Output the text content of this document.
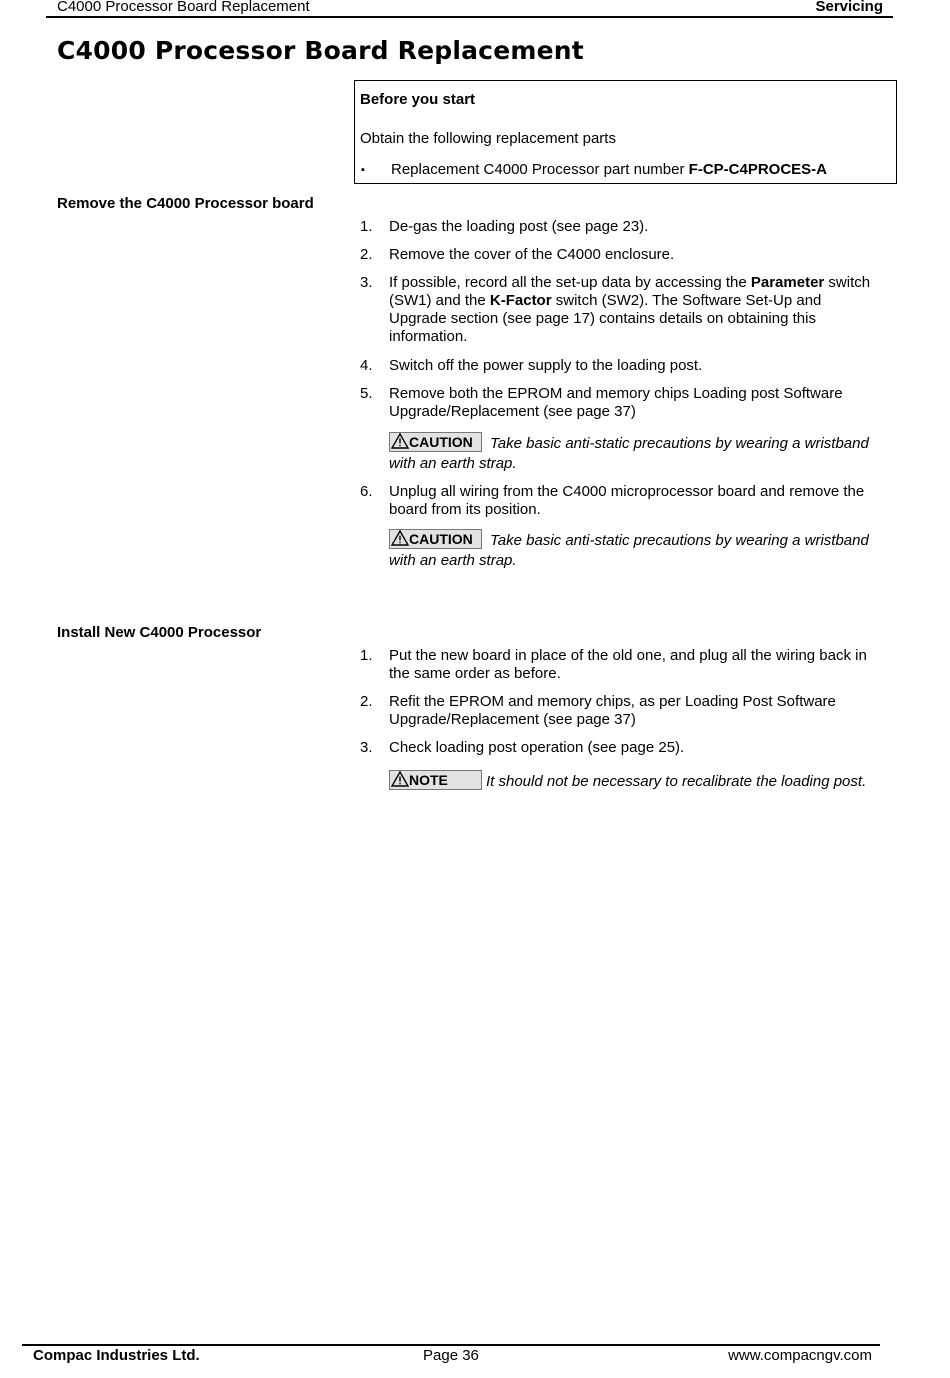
C4000 Processor Board Replacement	Servicing
C4000 Processor Board Replacement
Before you start
Obtain the following replacement parts
▪ Replacement C4000 Processor part number F-CP-C4PROCES-A
Remove the C4000 Processor board
1.	De-gas the loading post (see page 23).
2.	Remove the cover of the C4000 enclosure.
3.	If possible, record all the set-up data by accessing the Parameter switch (SW1) and the K-Factor switch (SW2). The Software Set-Up and Upgrade section (see page 17) contains details on obtaining this information.
4.	Switch off the power supply to the loading post.
5.	Remove both the EPROM and memory chips Loading post Software Upgrade/Replacement (see page 37)
CAUTION Take basic anti-static precautions by wearing a wristband with an earth strap.
6.	Unplug all wiring from the C4000 microprocessor board and remove the board from its position.
CAUTION Take basic anti-static precautions by wearing a wristband with an earth strap.
Install New C4000 Processor
1.	Put the new board in place of the old one, and plug all the wiring back in the same order as before.
2.	Refit the EPROM and memory chips, as per Loading Post Software Upgrade/Replacement (see page 37)
3.	Check loading post operation (see page 25).
NOTE	It should not be necessary to recalibrate the loading post.
Compac Industries Ltd.	Page 36	www.compacngv.com
